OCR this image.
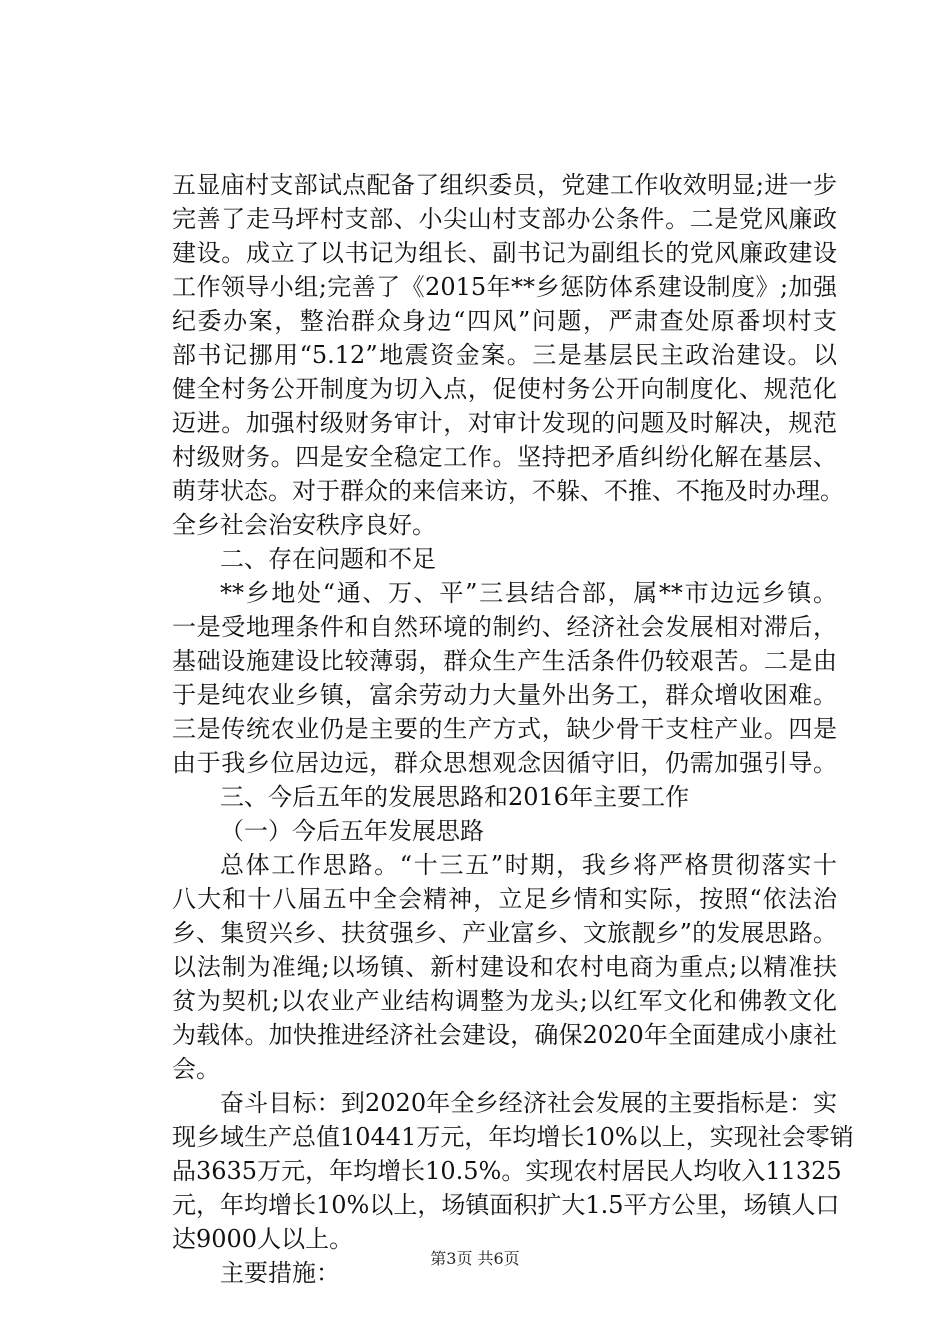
五显庙村支部试点配备了组织委员，党建工作收效明显;进一步
完善了走马坪村支部、小尖山村支部办公条件。二是党风廉政
建设。成立了以书记为组长、副书记为副组长的党风廉政建设
工作领导小组;完善了《2015年**乡惩防体系建设制度》;加强
纪委办案，整治群众身边“四风”问题，严肃查处原番坝村支
部书记挪用“5.12”地震资金案。三是基层民主政治建设。以
健全村务公开制度为切入点，促使村务公开向制度化、规范化
迈进。加强村级财务审计，对审计发现的问题及时解决，规范
村级财务。四是安全稳定工作。坚持把矛盾纠纷化解在基层、
萌芽状态。对于群众的来信来访，不躲、不推、不拖及时办理。
全乡社会治安秩序良好。
二、存在问题和不足
**乡地处“通、万、平”三县结合部，属**市边远乡镇。
一是受地理条件和自然环境的制约、经济社会发展相对滞后，
基础设施建设比较薄弱，群众生产生活条件仍较艰苦。二是由
于是纯农业乡镇，富余劳动力大量外出务工，群众增收困难。
三是传统农业仍是主要的生产方式，缺少骨干支柱产业。四是
由于我乡位居边远，群众思想观念因循守旧，仍需加强引导。
三、今后五年的发展思路和2016年主要工作
（一）今后五年发展思路
总体工作思路。“十三五”时期，我乡将严格贯彻落实十
八大和十八届五中全会精神，立足乡情和实际，按照“依法治
乡、集贸兴乡、扶贫强乡、产业富乡、文旅靓乡”的发展思路。
以法制为准绳;以场镇、新村建设和农村电商为重点;以精准扶
贫为契机;以农业产业结构调整为龙头;以红军文化和佛教文化
为载体。加快推进经济社会建设，确保2020年全面建成小康社
会。
奋斗目标：到2020年全乡经济社会发展的主要指标是：实
现乡域生产总值10441万元，年均增长10%以上，实现社会零销
品3635万元，年均增长10.5%。实现农村居民人均收入11325
元，年均增长10%以上，场镇面积扩大1.5平方公里，场镇人口
达9000人以上。
主要措施：
第3页 共6页
